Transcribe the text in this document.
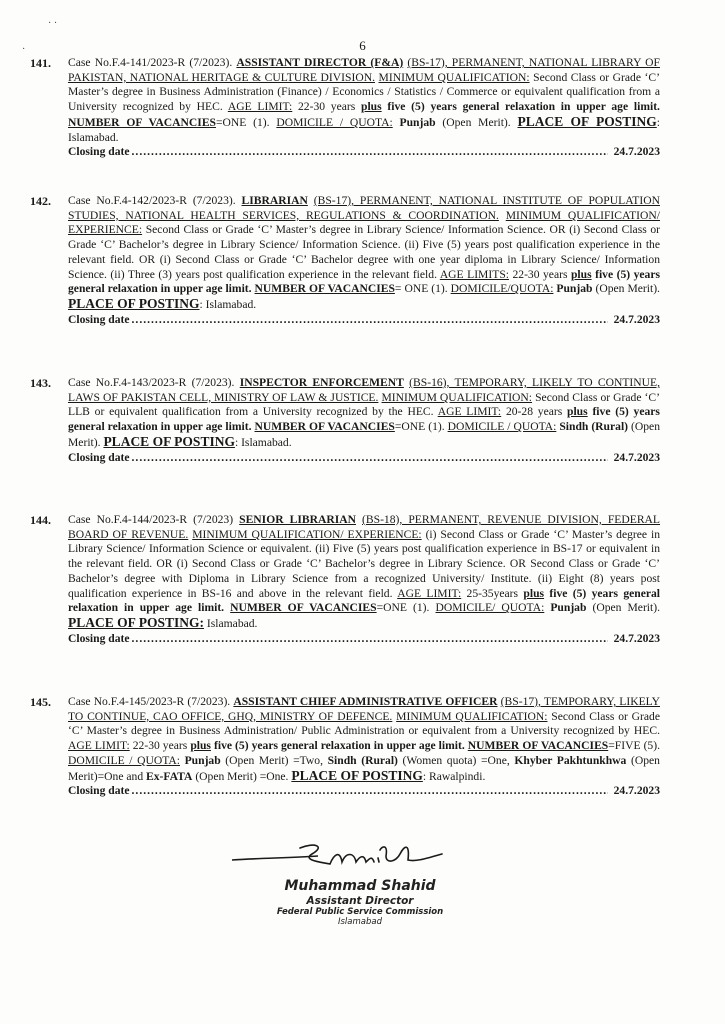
· ·
·	6
141. Case No.F.4-141/2023-R (7/2023). ASSISTANT DIRECTOR (F&A) (BS-17), PERMANENT, NATIONAL LIBRARY OF PAKISTAN, NATIONAL HERITAGE & CULTURE DIVISION. MINIMUM QUALIFICATION: Second Class or Grade ‘C’ Master’s degree in Business Administration (Finance) / Economics / Statistics / Commerce or equivalent qualification from a University recognized by HEC. AGE LIMIT: 22-30 years plus five (5) years general relaxation in upper age limit. NUMBER OF VACANCIES=ONE (1). DOMICILE / QUOTA: Punjab (Open Merit). PLACE OF POSTING: Islamabad.
Closing date .....	24.7.2023
142. Case No.F.4-142/2023-R (7/2023). LIBRARIAN (BS-17), PERMANENT, NATIONAL INSTITUTE OF POPULATION STUDIES, NATIONAL HEALTH SERVICES, REGULATIONS & COORDINATION. MINIMUM QUALIFICATION/ EXPERIENCE: Second Class or Grade ‘C’ Master’s degree in Library Science/ Information Science. OR (i) Second Class or Grade ‘C’ Bachelor’s degree in Library Science/ Information Science. (ii) Five (5) years post qualification experience in the relevant field. OR (i) Second Class or Grade ‘C’ Bachelor degree with one year diploma in Library Science/ Information Science. (ii) Three (3) years post qualification experience in the relevant field. AGE LIMITS: 22-30 years plus five (5) years general relaxation in upper age limit. NUMBER OF VACANCIES= ONE (1). DOMICILE/QUOTA: Punjab (Open Merit). PLACE OF POSTING: Islamabad.
Closing date .....	24.7.2023
143. Case No.F.4-143/2023-R (7/2023). INSPECTOR ENFORCEMENT (BS-16), TEMPORARY, LIKELY TO CONTINUE, LAWS OF PAKISTAN CELL, MINISTRY OF LAW & JUSTICE. MINIMUM QUALIFICATION: Second Class or Grade ‘C’ LLB or equivalent qualification from a University recognized by the HEC. AGE LIMIT: 20-28 years plus five (5) years general relaxation in upper age limit. NUMBER OF VACANCIES=ONE (1). DOMICILE / QUOTA: Sindh (Rural) (Open Merit). PLACE OF POSTING: Islamabad.
Closing date .....	24.7.2023
144. Case No.F.4-144/2023-R (7/2023) SENIOR LIBRARIAN (BS-18), PERMANENT, REVENUE DIVISION, FEDERAL BOARD OF REVENUE. MINIMUM QUALIFICATION/ EXPERIENCE: (i) Second Class or Grade ‘C’ Master’s degree in Library Science/ Information Science or equivalent. (ii) Five (5) years post qualification experience in BS-17 or equivalent in the relevant field. OR (i) Second Class or Grade ‘C’ Bachelor’s degree in Library Science. OR Second Class or Grade ‘C’ Bachelor’s degree with Diploma in Library Science from a recognized University/ Institute. (ii) Eight (8) years post qualification experience in BS-16 and above in the relevant field. AGE LIMIT: 25-35years plus five (5) years general relaxation in upper age limit. NUMBER OF VACANCIES=ONE (1). DOMICILE/ QUOTA: Punjab (Open Merit). PLACE OF POSTING: Islamabad.
Closing date .....	24.7.2023
145. Case No.F.4-145/2023-R (7/2023). ASSISTANT CHIEF ADMINISTRATIVE OFFICER (BS-17), TEMPORARY, LIKELY TO CONTINUE, CAO OFFICE, GHQ, MINISTRY OF DEFENCE. MINIMUM QUALIFICATION: Second Class or Grade ‘C’ Master’s degree in Business Administration/ Public Administration or equivalent from a University recognized by HEC. AGE LIMIT: 22-30 years plus five (5) years general relaxation in upper age limit. NUMBER OF VACANCIES=FIVE (5). DOMICILE / QUOTA: Punjab (Open Merit) =Two, Sindh (Rural) (Women quota) =One, Khyber Pakhtunkhwa (Open Merit)=One and Ex-FATA (Open Merit) =One. PLACE OF POSTING: Rawalpindi.
Closing date .....	24.7.2023
Muhammad Shahid
Assistant Director
Federal Public Service Commission
Islamabad
